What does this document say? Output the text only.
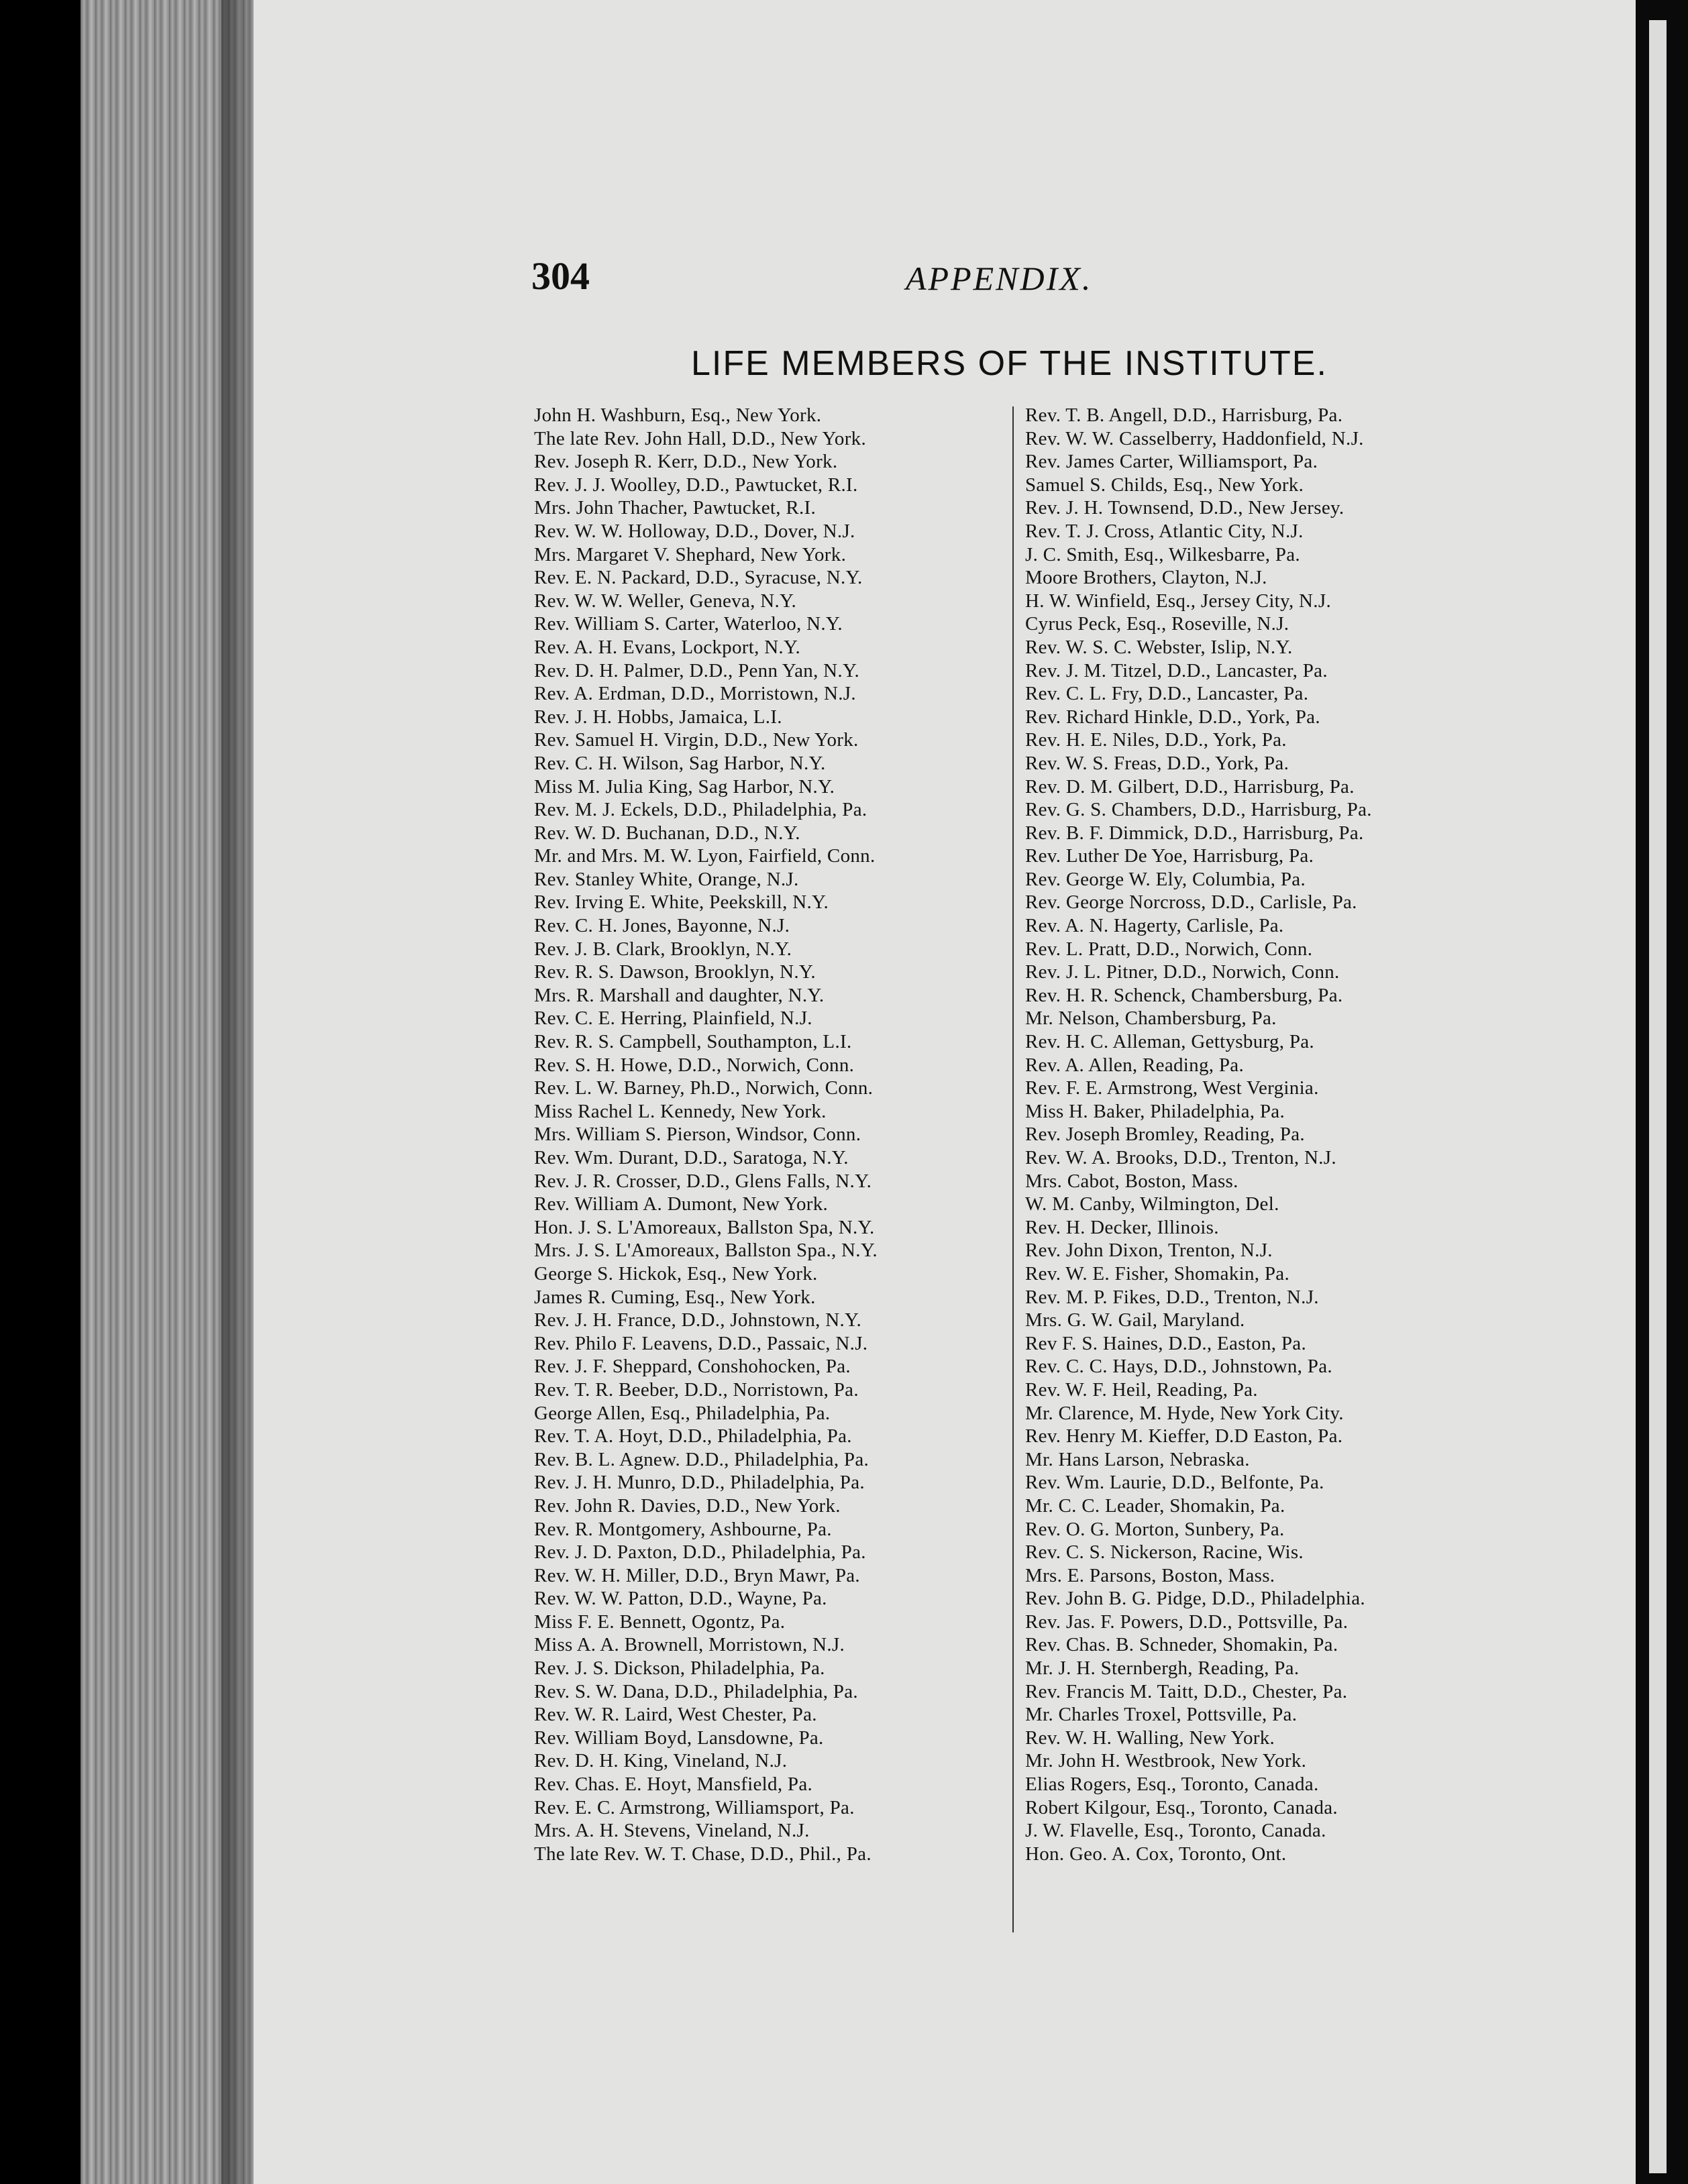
304	APPENDIX.
LIFE MEMBERS OF THE INSTITUTE.
John H. Washburn, Esq., New York.
The late Rev. John Hall, D.D., New York.
Rev. Joseph R. Kerr, D.D., New York.
Rev. J. J. Woolley, D.D., Pawtucket, R.I.
Mrs. John Thacher, Pawtucket, R.I.
Rev. W. W. Holloway, D.D., Dover, N.J.
Mrs. Margaret V. Shephard, New York.
Rev. E. N. Packard, D.D., Syracuse, N.Y.
Rev. W. W. Weller, Geneva, N.Y.
Rev. William S. Carter, Waterloo, N.Y.
Rev. A. H. Evans, Lockport, N.Y.
Rev. D. H. Palmer, D.D., Penn Yan, N.Y.
Rev. A. Erdman, D.D., Morristown, N.J.
Rev. J. H. Hobbs, Jamaica, L.I.
Rev. Samuel H. Virgin, D.D., New York.
Rev. C. H. Wilson, Sag Harbor, N.Y.
Miss M. Julia King, Sag Harbor, N.Y.
Rev. M. J. Eckels, D.D., Philadelphia, Pa.
Rev. W. D. Buchanan, D.D., N.Y.
Mr. and Mrs. M. W. Lyon, Fairfield, Conn.
Rev. Stanley White, Orange, N.J.
Rev. Irving E. White, Peekskill, N.Y.
Rev. C. H. Jones, Bayonne, N.J.
Rev. J. B. Clark, Brooklyn, N.Y.
Rev. R. S. Dawson, Brooklyn, N.Y.
Mrs. R. Marshall and daughter, N.Y.
Rev. C. E. Herring, Plainfield, N.J.
Rev. R. S. Campbell, Southampton, L.I.
Rev. S. H. Howe, D.D., Norwich, Conn.
Rev. L. W. Barney, Ph.D., Norwich, Conn.
Miss Rachel L. Kennedy, New York.
Mrs. William S. Pierson, Windsor, Conn.
Rev. Wm. Durant, D.D., Saratoga, N.Y.
Rev. J. R. Crosser, D.D., Glens Falls, N.Y.
Rev. William A. Dumont, New York.
Hon. J. S. L'Amoreaux, Ballston Spa, N.Y.
Mrs. J. S. L'Amoreaux, Ballston Spa., N.Y.
George S. Hickok, Esq., New York.
James R. Cuming, Esq., New York.
Rev. J. H. France, D.D., Johnstown, N.Y.
Rev. Philo F. Leavens, D.D., Passaic, N.J.
Rev. J. F. Sheppard, Conshohocken, Pa.
Rev. T. R. Beeber, D.D., Norristown, Pa.
George Allen, Esq., Philadelphia, Pa.
Rev. T. A. Hoyt, D.D., Philadelphia, Pa.
Rev. B. L. Agnew. D.D., Philadelphia, Pa.
Rev. J. H. Munro, D.D., Philadelphia, Pa.
Rev. John R. Davies, D.D., New York.
Rev. R. Montgomery, Ashbourne, Pa.
Rev. J. D. Paxton, D.D., Philadelphia, Pa.
Rev. W. H. Miller, D.D., Bryn Mawr, Pa.
Rev. W. W. Patton, D.D., Wayne, Pa.
Miss F. E. Bennett, Ogontz, Pa.
Miss A. A. Brownell, Morristown, N.J.
Rev. J. S. Dickson, Philadelphia, Pa.
Rev. S. W. Dana, D.D., Philadelphia, Pa.
Rev. W. R. Laird, West Chester, Pa.
Rev. William Boyd, Lansdowne, Pa.
Rev. D. H. King, Vineland, N.J.
Rev. Chas. E. Hoyt, Mansfield, Pa.
Rev. E. C. Armstrong, Williamsport, Pa.
Mrs. A. H. Stevens, Vineland, N.J.
The late Rev. W. T. Chase, D.D., Phil., Pa.
Rev. T. B. Angell, D.D., Harrisburg, Pa.
Rev. W. W. Casselberry, Haddonfield, N.J.
Rev. James Carter, Williamsport, Pa.
Samuel S. Childs, Esq., New York.
Rev. J. H. Townsend, D.D., New Jersey.
Rev. T. J. Cross, Atlantic City, N.J.
J. C. Smith, Esq., Wilkesbarre, Pa.
Moore Brothers, Clayton, N.J.
H. W. Winfield, Esq., Jersey City, N.J.
Cyrus Peck, Esq., Roseville, N.J.
Rev. W. S. C. Webster, Islip, N.Y.
Rev. J. M. Titzel, D.D., Lancaster, Pa.
Rev. C. L. Fry, D.D., Lancaster, Pa.
Rev. Richard Hinkle, D.D., York, Pa.
Rev. H. E. Niles, D.D., York, Pa.
Rev. W. S. Freas, D.D., York, Pa.
Rev. D. M. Gilbert, D.D., Harrisburg, Pa.
Rev. G. S. Chambers, D.D., Harrisburg, Pa.
Rev. B. F. Dimmick, D.D., Harrisburg, Pa.
Rev. Luther De Yoe, Harrisburg, Pa.
Rev. George W. Ely, Columbia, Pa.
Rev. George Norcross, D.D., Carlisle, Pa.
Rev. A. N. Hagerty, Carlisle, Pa.
Rev. L. Pratt, D.D., Norwich, Conn.
Rev. J. L. Pitner, D.D., Norwich, Conn.
Rev. H. R. Schenck, Chambersburg, Pa.
Mr. Nelson, Chambersburg, Pa.
Rev. H. C. Alleman, Gettysburg, Pa.
Rev. A. Allen, Reading, Pa.
Rev. F. E. Armstrong, West Verginia.
Miss H. Baker, Philadelphia, Pa.
Rev. Joseph Bromley, Reading, Pa.
Rev. W. A. Brooks, D.D., Trenton, N.J.
Mrs. Cabot, Boston, Mass.
W. M. Canby, Wilmington, Del.
Rev. H. Decker, Illinois.
Rev. John Dixon, Trenton, N.J.
Rev. W. E. Fisher, Shomakin, Pa.
Rev. M. P. Fikes, D.D., Trenton, N.J.
Mrs. G. W. Gail, Maryland.
Rev F. S. Haines, D.D., Easton, Pa.
Rev. C. C. Hays, D.D., Johnstown, Pa.
Rev. W. F. Heil, Reading, Pa.
Mr. Clarence, M. Hyde, New York City.
Rev. Henry M. Kieffer, D.D Easton, Pa.
Mr. Hans Larson, Nebraska.
Rev. Wm. Laurie, D.D., Belfonte, Pa.
Mr. C. C. Leader, Shomakin, Pa.
Rev. O. G. Morton, Sunbery, Pa.
Rev. C. S. Nickerson, Racine, Wis.
Mrs. E. Parsons, Boston, Mass.
Rev. John B. G. Pidge, D.D., Philadelphia.
Rev. Jas. F. Powers, D.D., Pottsville, Pa.
Rev. Chas. B. Schneder, Shomakin, Pa.
Mr. J. H. Sternbergh, Reading, Pa.
Rev. Francis M. Taitt, D.D., Chester, Pa.
Mr. Charles Troxel, Pottsville, Pa.
Rev. W. H. Walling, New York.
Mr. John H. Westbrook, New York.
Elias Rogers, Esq., Toronto, Canada.
Robert Kilgour, Esq., Toronto, Canada.
J. W. Flavelle, Esq., Toronto, Canada.
Hon. Geo. A. Cox, Toronto, Ont.
